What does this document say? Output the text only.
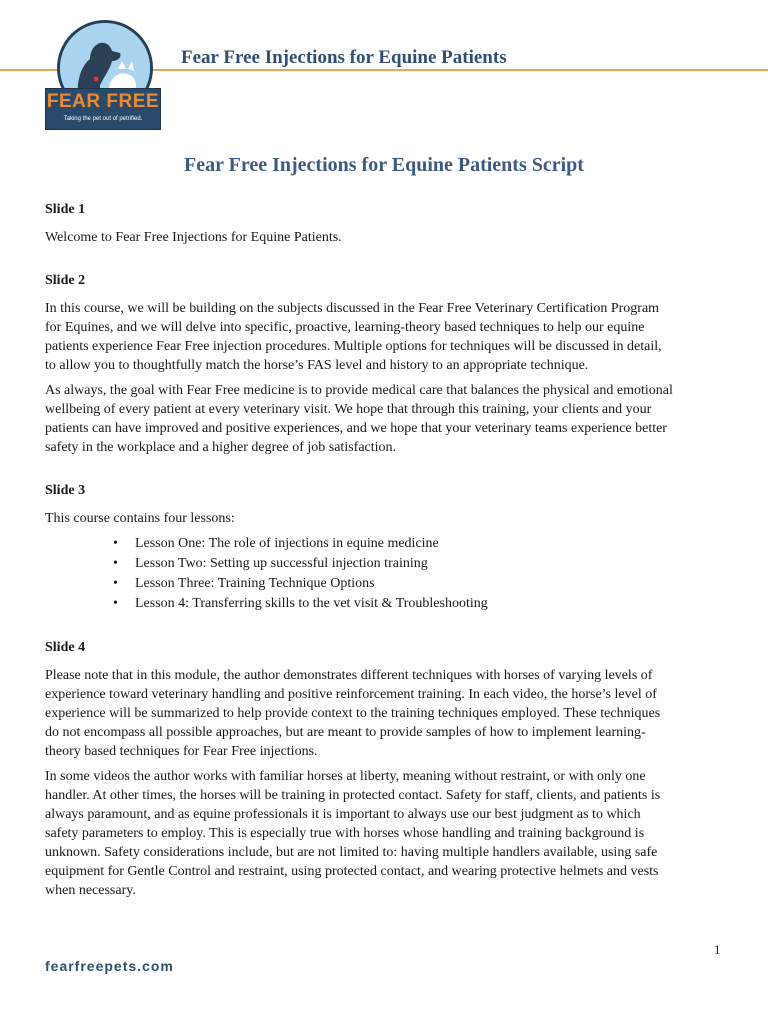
FEAR FREE
Taking the pet out of petrified.
Fear Free Injections for Equine Patients
Fear Free Injections for Equine Patients Script

Slide 1

Welcome to Fear Free Injections for Equine Patients.

Slide 2

In this course, we will be building on the subjects discussed in the Fear Free Veterinary Certification Program for Equines, and we will delve into specific, proactive, learning-theory based techniques to help our equine patients experience Fear Free injection procedures. Multiple options for techniques will be discussed in detail, to allow you to thoughtfully match the horse’s FAS level and history to an appropriate technique.

As always, the goal with Fear Free medicine is to provide medical care that balances the physical and emotional wellbeing of every patient at every veterinary visit. We hope that through this training, your clients and your patients can have improved and positive experiences, and we hope that your veterinary teams experience better safety in the workplace and a higher degree of job satisfaction.

Slide 3

This course contains four lessons:

• Lesson One: The role of injections in equine medicine
• Lesson Two: Setting up successful injection training
• Lesson Three: Training Technique Options
• Lesson 4: Transferring skills to the vet visit & Troubleshooting

Slide 4

Please note that in this module, the author demonstrates different techniques with horses of varying levels of experience toward veterinary handling and positive reinforcement training. In each video, the horse’s level of experience will be summarized to help provide context to the training techniques employed. These techniques do not encompass all possible approaches, but are meant to provide samples of how to implement learning-theory based techniques for Fear Free injections.

In some videos the author works with familiar horses at liberty, meaning without restraint, or with only one handler. At other times, the horses will be training in protected contact. Safety for staff, clients, and patients is always paramount, and as equine professionals it is important to always use our best judgment as to which safety parameters to employ. This is especially true with horses whose handling and training background is unknown. Safety considerations include, but are not limited to: having multiple handlers available, using safe equipment for Gentle Control and restraint, using protected contact, and wearing protective helmets and vests when necessary.

1
fearfreepets.com
